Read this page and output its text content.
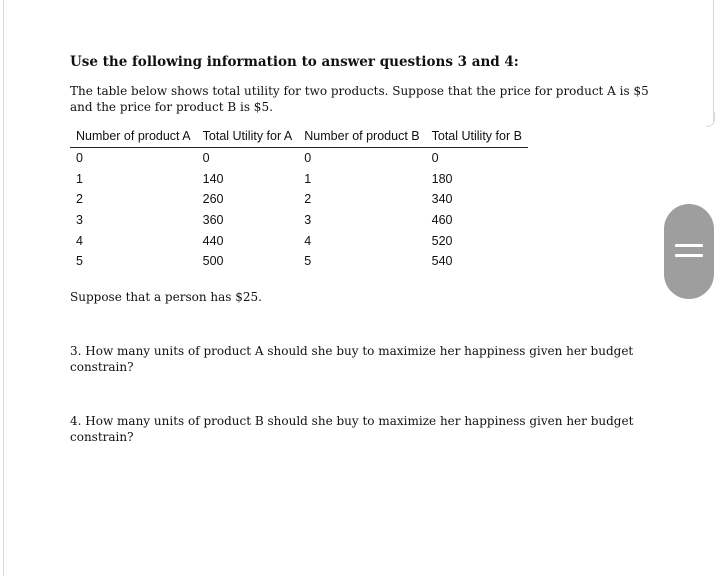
Use the following information to answer questions 3 and 4:

The table below shows total utility for two products. Suppose that the price for product A is $5 and the price for product B is $5.

Number of product A	Total Utility for A	Number of product B	Total Utility for B
0	0	0	0
1	140	1	180
2	260	2	340
3	360	3	460
4	440	4	520
5	500	5	540

Suppose that a person has $25.

3. How many units of product A should she buy to maximize her happiness given her budget constrain?

4. How many units of product B should she buy to maximize her happiness given her budget constrain?
